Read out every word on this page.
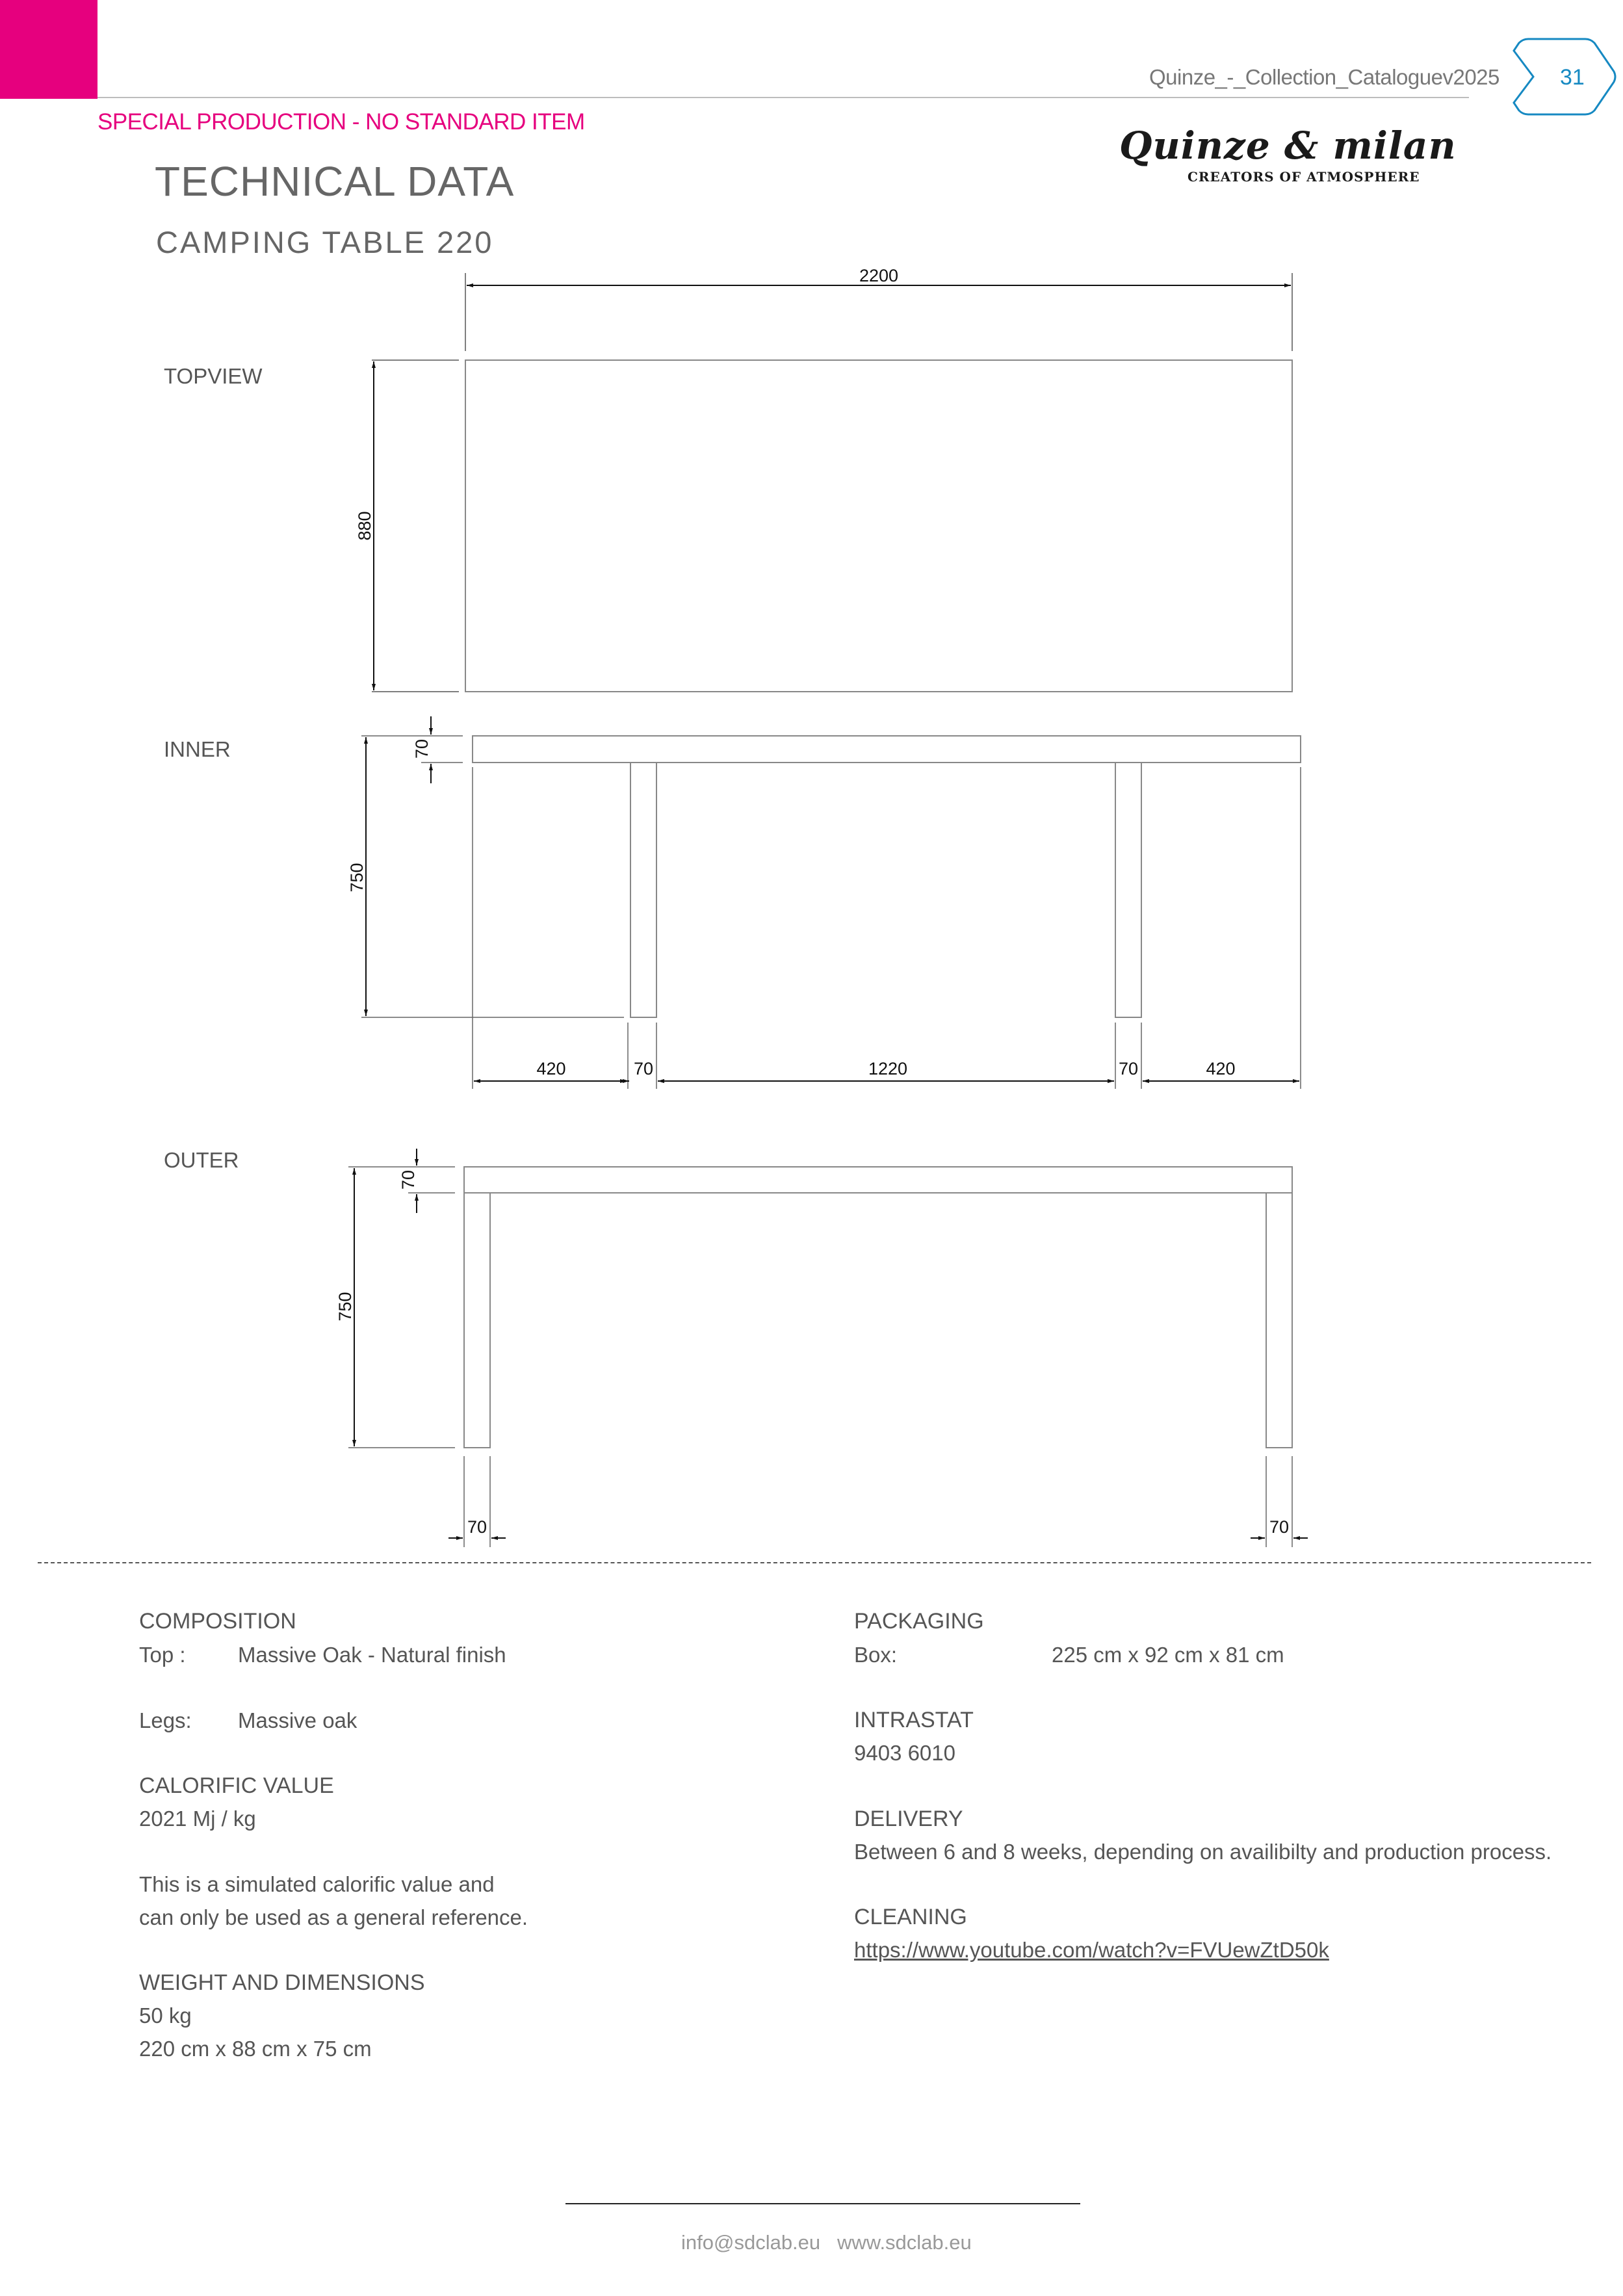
Quinze_-_Collection_Cataloguev2025	31
SPECIAL PRODUCTION - NO STANDARD ITEM
Quinze & milan
CREATORS OF ATMOSPHERE
TECHNICAL DATA
CAMPING TABLE 220
TOPVIEW
INNER
OUTER
2200
880
70
750
420	70	1220	70	420
70
750
70	70
COMPOSITION
Top : Massive Oak - Natural finish
Legs: Massive oak
CALORIFIC VALUE
2021 Mj / kg
This is a simulated calorific value and
can only be used as a general reference.
WEIGHT AND DIMENSIONS
50 kg
220 cm x 88 cm x 75 cm
PACKAGING
Box:	225 cm x 92 cm x 81 cm
INTRASTAT
9403 6010
DELIVERY
Between 6 and 8 weeks, depending on availibilty and production process.
CLEANING
https://www.youtube.com/watch?v=FVUewZtD50k
info@sdclab.eu   www.sdclab.eu
